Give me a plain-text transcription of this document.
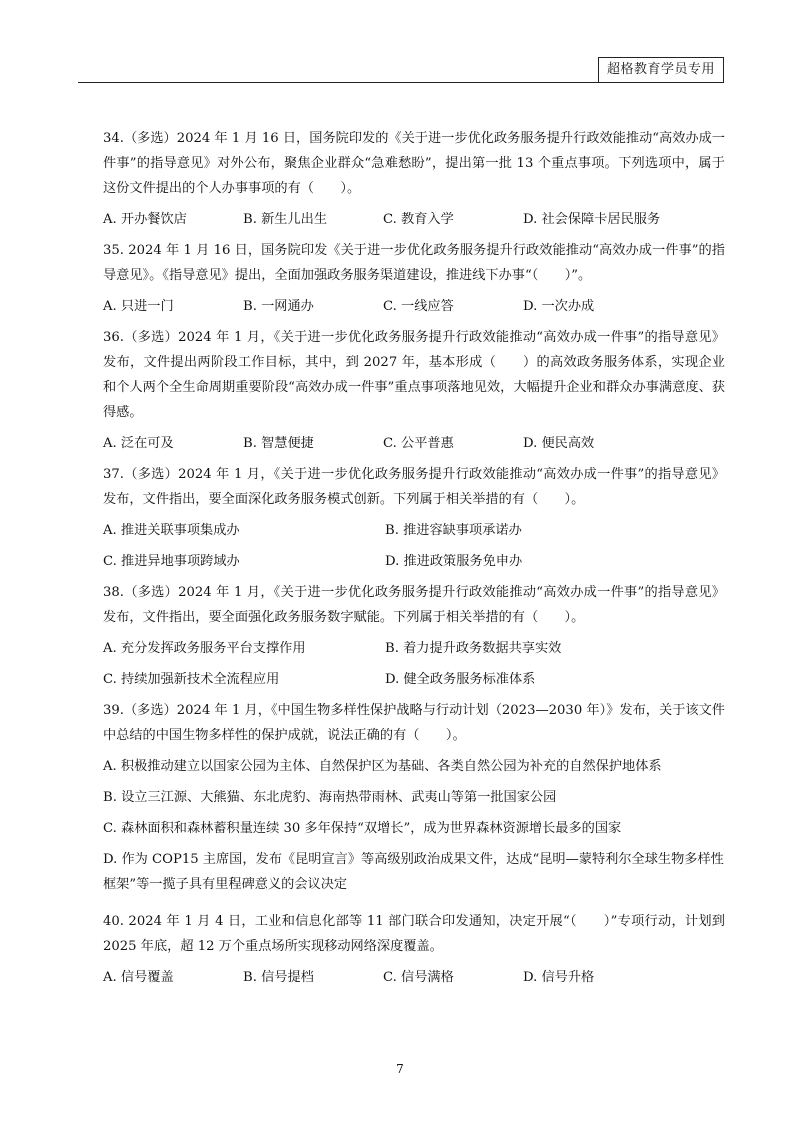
超格教育学员专用

34.（多选）2024 年 1 月 16 日，国务院印发的《关于进一步优化政务服务提升行政效能推动“高效办成一件事”的指导意见》对外公布，聚焦企业群众“急难愁盼”，提出第一批 13 个重点事项。下列选项中，属于这份文件提出的个人办事事项的有（　　）。

A. 开办餐饮店	B. 新生儿出生	C. 教育入学	D. 社会保障卡居民服务

35. 2024 年 1 月 16 日，国务院印发《关于进一步优化政务服务提升行政效能推动“高效办成一件事”的指导意见》。《指导意见》提出，全面加强政务服务渠道建设，推进线下办事“（　　）”。

A. 只进一门	B. 一网通办	C. 一线应答	D. 一次办成

36.（多选）2024 年 1 月，《关于进一步优化政务服务提升行政效能推动“高效办成一件事”的指导意见》发布，文件提出两阶段工作目标，其中，到 2027 年，基本形成（　　）的高效政务服务体系，实现企业和个人两个全生命周期重要阶段“高效办成一件事”重点事项落地见效，大幅提升企业和群众办事满意度、获得感。

A. 泛在可及	B. 智慧便捷	C. 公平普惠	D. 便民高效

37.（多选）2024 年 1 月，《关于进一步优化政务服务提升行政效能推动“高效办成一件事”的指导意见》发布，文件指出，要全面深化政务服务模式创新。下列属于相关举措的有（　　）。

A. 推进关联事项集成办	B. 推进容缺事项承诺办
C. 推进异地事项跨域办	D. 推进政策服务免申办

38.（多选）2024 年 1 月，《关于进一步优化政务服务提升行政效能推动“高效办成一件事”的指导意见》发布，文件指出，要全面强化政务服务数字赋能。下列属于相关举措的有（　　）。

A. 充分发挥政务服务平台支撑作用	B. 着力提升政务数据共享实效
C. 持续加强新技术全流程应用	D. 健全政务服务标准体系

39.（多选）2024 年 1 月，《中国生物多样性保护战略与行动计划（2023—2030 年）》发布，关于该文件中总结的中国生物多样性的保护成就，说法正确的有（　　）。

A. 积极推动建立以国家公园为主体、自然保护区为基础、各类自然公园为补充的自然保护地体系
B. 设立三江源、大熊猫、东北虎豹、海南热带雨林、武夷山等第一批国家公园
C. 森林面积和森林蓄积量连续 30 多年保持“双增长”，成为世界森林资源增长最多的国家
D. 作为 COP15 主席国，发布《昆明宣言》等高级别政治成果文件，达成“昆明—蒙特利尔全球生物多样性框架”等一揽子具有里程碑意义的会议决定

40. 2024 年 1 月 4 日，工业和信息化部等 11 部门联合印发通知，决定开展“（　　）”专项行动，计划到 2025 年底，超 12 万个重点场所实现移动网络深度覆盖。

A. 信号覆盖	B. 信号提档	C. 信号满格	D. 信号升格
7
